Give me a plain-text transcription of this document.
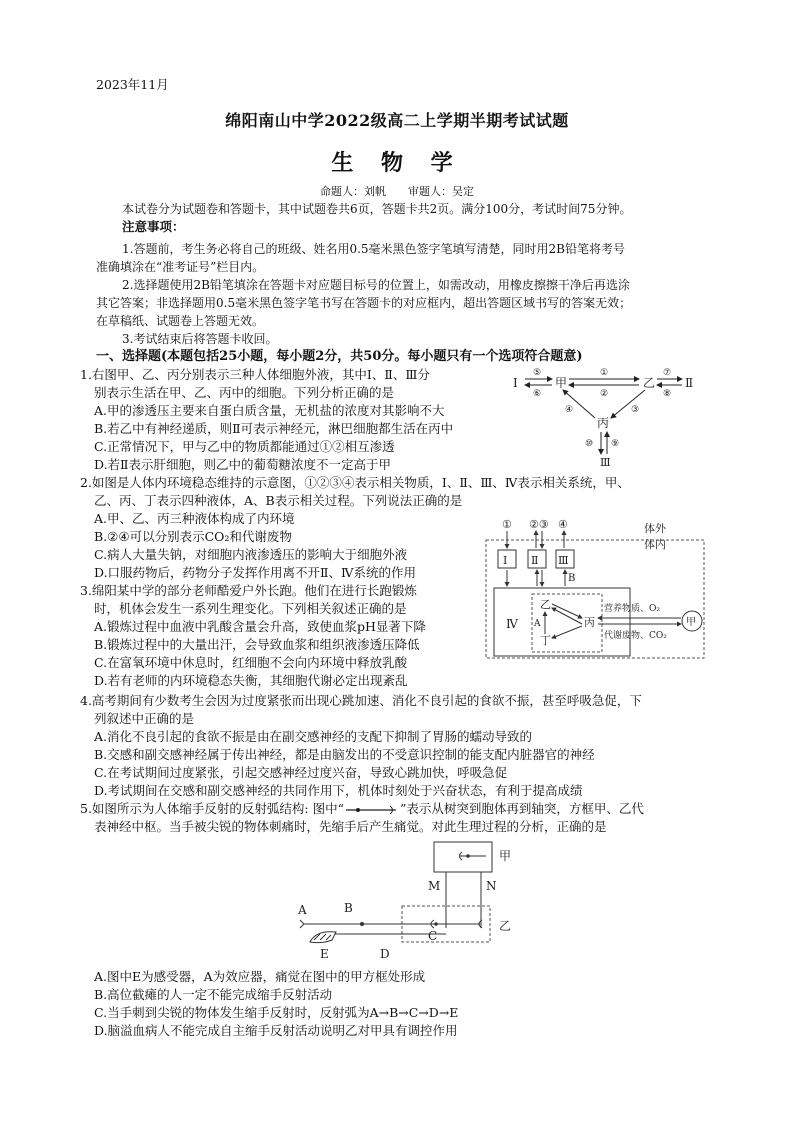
2023年11月
绵阳南山中学2022级高二上学期半期考试试题
生 物 学
命题人：刘帆　　审题人：吴定
本试卷分为试题卷和答题卡，其中试题卷共6页，答题卡共2页。满分100分，考试时间75分钟。
注意事项：
1.答题前，考生务必将自己的班级、姓名用0.5毫米黑色签字笔填写清楚，同时用2B铅笔将考号
准确填涂在“准考证号”栏目内。
2.选择题使用2B铅笔填涂在答题卡对应题目标号的位置上，如需改动，用橡皮擦擦干净后再选涂
其它答案；非选择题用0.5毫米黑色签字笔书写在答题卡的对应框内，超出答题区域书写的答案无效；
在草稿纸、试题卷上答题无效。
3.考试结束后将答题卡收回。
一、选择题(本题包括25小题，每小题2分，共50分。每小题只有一个选项符合题意)
1.右图甲、乙、丙分别表示三种人体细胞外液，其中Ⅰ、Ⅱ、Ⅲ分
别表示生活在甲、乙、丙中的细胞。下列分析正确的是
A.甲的渗透压主要来自蛋白质含量，无机盐的浓度对其影响不大
B.若乙中有神经递质，则Ⅱ可表示神经元，淋巴细胞都生活在丙中
C.正常情况下，甲与乙中的物质都能通过①②相互渗透
D.若Ⅱ表示肝细胞，则乙中的葡萄糖浓度不一定高于甲
Ⅰ	甲	乙 Ⅱ
丙
Ⅲ
⑤
⑥
①
②
⑦
⑧
③
④
⑩ ⑨
2.如图是人体内环境稳态维持的示意图，①②③④表示相关物质，Ⅰ、Ⅱ、Ⅲ、Ⅳ表示相关系统，甲、
乙、丙、丁表示四种液体，A、B表示相关过程。下列说法正确的是
A.甲、乙、丙三种液体构成了内环境
B.②④可以分别表示CO₂和代谢废物
C.病人大量失钠，对细胞内液渗透压的影响大于细胞外液
D.口服药物后，药物分子发挥作用离不开Ⅱ、Ⅳ系统的作用
3.绵阳某中学的部分老师酷爱户外长跑。他们在进行长跑锻炼
时，机体会发生一系列生理变化。下列相关叙述正确的是
A.锻炼过程中血液中乳酸含量会升高，致使血浆pH显著下降
B.锻炼过程中的大量出汗，会导致血浆和组织液渗透压降低
C.在富氧环境中休息时，红细胞不会向内环境中释放乳酸
D.若有老师的内环境稳态失衡，其细胞代谢必定出现紊乱
① ②③ ④	体外
体内
Ⅰ Ⅱ Ⅲ
B
Ⅳ
乙
丁
丙
A
营养物质、O₂
代谢废物、CO₂
甲
4.高考期间有少数考生会因为过度紧张而出现心跳加速、消化不良引起的食欲不振，甚至呼吸急促，下
列叙述中正确的是
A.消化不良引起的食欲不振是由在副交感神经的支配下抑制了胃肠的蠕动导致的
B.交感和副交感神经属于传出神经，都是由脑发出的不受意识控制的能支配内脏器官的神经
C.在考试期间过度紧张，引起交感神经过度兴奋，导致心跳加快，呼吸急促
D.考试期间在交感和副交感神经的共同作用下，机体时刻处于兴奋状态，有利于提高成绩
5.如图所示为人体缩手反射的反射弧结构: 图中“	”表示从树突到胞体再到轴突，方框甲、乙代
表神经中枢。当手被尖锐的物体刺痛时，先缩手后产生痛觉。对此生理过程的分析，正确的是
甲
M	N
乙
A	B
C
D
E
A.图中E为感受器，A为效应器，痛觉在图中的甲方框处形成
B.高位截瘫的人一定不能完成缩手反射活动
C.当手刺到尖锐的物体发生缩手反射时，反射弧为A→B→C→D→E
D.脑溢血病人不能完成自主缩手反射活动说明乙对甲具有调控作用
